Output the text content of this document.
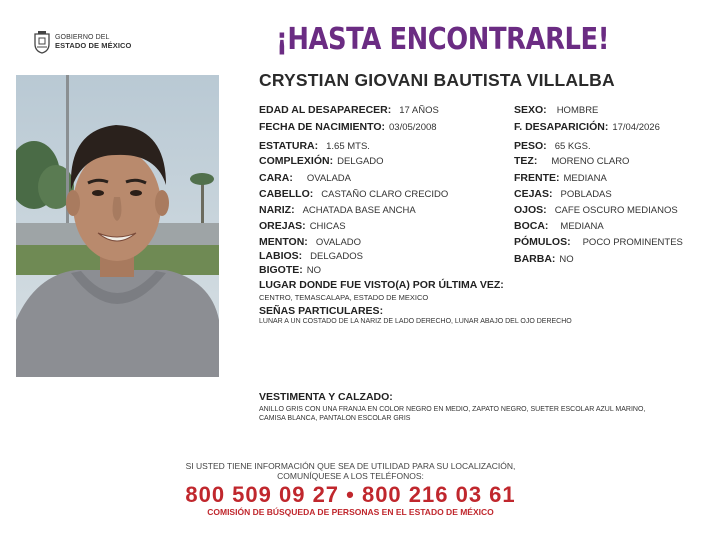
GOBIERNO DEL
ESTADO DE MÉXICO	¡HASTA ENCONTRARLE!
CRYSTIAN GIOVANI BAUTISTA VILLALBA
EDAD AL DESAPARECER: 17 AÑOS
FECHA DE NACIMIENTO: 03/05/2008
ESTATURA: 1.65 MTS.
COMPLEXIÓN: DELGADO
CARA: OVALADA
CABELLO: CASTAÑO CLARO CRECIDO
NARIZ: ACHATADA BASE ANCHA
OREJAS: CHICAS
MENTON: OVALADO
LABIOS: DELGADOS
BIGOTE: NO
SEXO: HOMBRE
F. DESAPARICIÓN: 17/04/2026
PESO: 65 KGS.
TEZ: MORENO CLARO
FRENTE: MEDIANA
CEJAS: POBLADAS
OJOS: CAFE OSCURO MEDIANOS
BOCA: MEDIANA
PÓMULOS: POCO PROMINENTES
BARBA: NO
LUGAR DONDE FUE VISTO(A) POR ÚLTIMA VEZ:
CENTRO, TEMASCALAPA, ESTADO DE MEXICO
SEÑAS PARTICULARES:
LUNAR A UN COSTADO DE LA NARIZ DE LADO DERECHO, LUNAR ABAJO DEL OJO DERECHO
VESTIMENTA Y CALZADO:
ANILLO GRIS CON UNA FRANJA EN COLOR NEGRO EN MEDIO, ZAPATO NEGRO, SUETER ESCOLAR AZUL MARINO,
CAMISA BLANCA, PANTALON ESCOLAR GRIS
SI USTED TIENE INFORMACIÓN QUE SEA DE UTILIDAD PARA SU LOCALIZACIÓN,
COMUNÍQUESE A LOS TELÉFONOS:
800 509 09 27 • 800 216 03 61
COMISIÓN DE BÚSQUEDA DE PERSONAS EN EL ESTADO DE MÉXICO
